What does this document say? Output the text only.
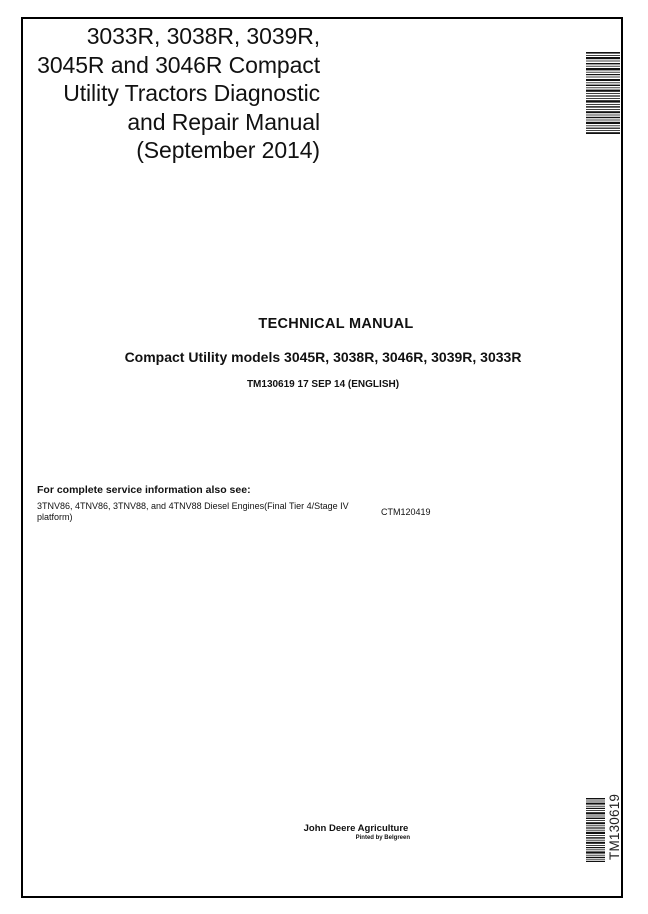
3033R, 3038R, 3039R,
3045R and 3046R Compact
Utility Tractors Diagnostic
and Repair Manual
(September 2014)
TECHNICAL MANUAL
Compact Utility models 3045R, 3038R, 3046R, 3039R, 3033R
TM130619 17 SEP 14 (ENGLISH)
For complete service information also see:
3TNV86, 4TNV86, 3TNV88, and 4TNV88 Diesel Engines(Final Tier 4/Stage IV platform)	CTM120419
John Deere Agriculture
Pinted by Belgreen	TM130619
